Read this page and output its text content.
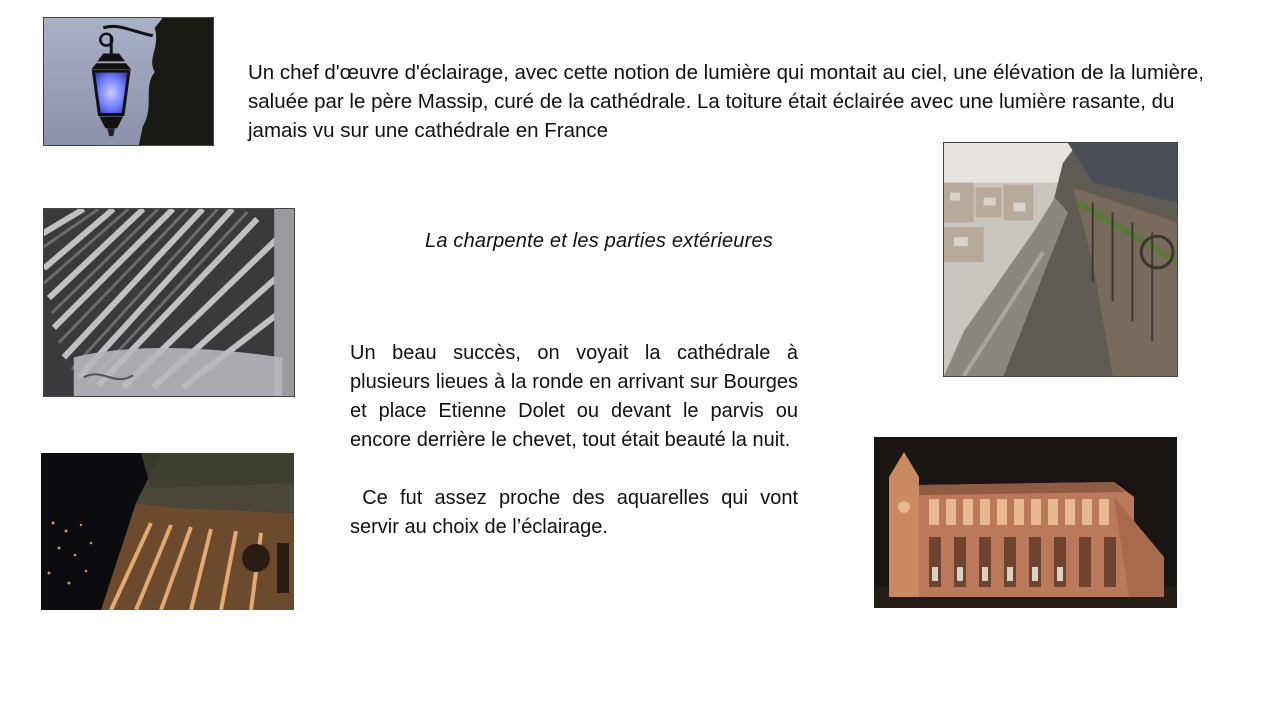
Un chef d'œuvre d'éclairage, avec cette notion de lumière qui montait au ciel, une élévation de la lumière, saluée par le père Massip, curé de la cathédrale. La toiture était éclairée avec une lumière rasante, du jamais vu sur une cathédrale en France
La charpente et les parties extérieures

Un beau succès, on voyait la cathédrale à plusieurs lieues à la ronde en arrivant sur Bourges et place Etienne Dolet ou devant le parvis ou encore derrière le chevet, tout était beauté la nuit.

Ce fut assez proche des aquarelles qui vont servir au choix de l’éclairage.
